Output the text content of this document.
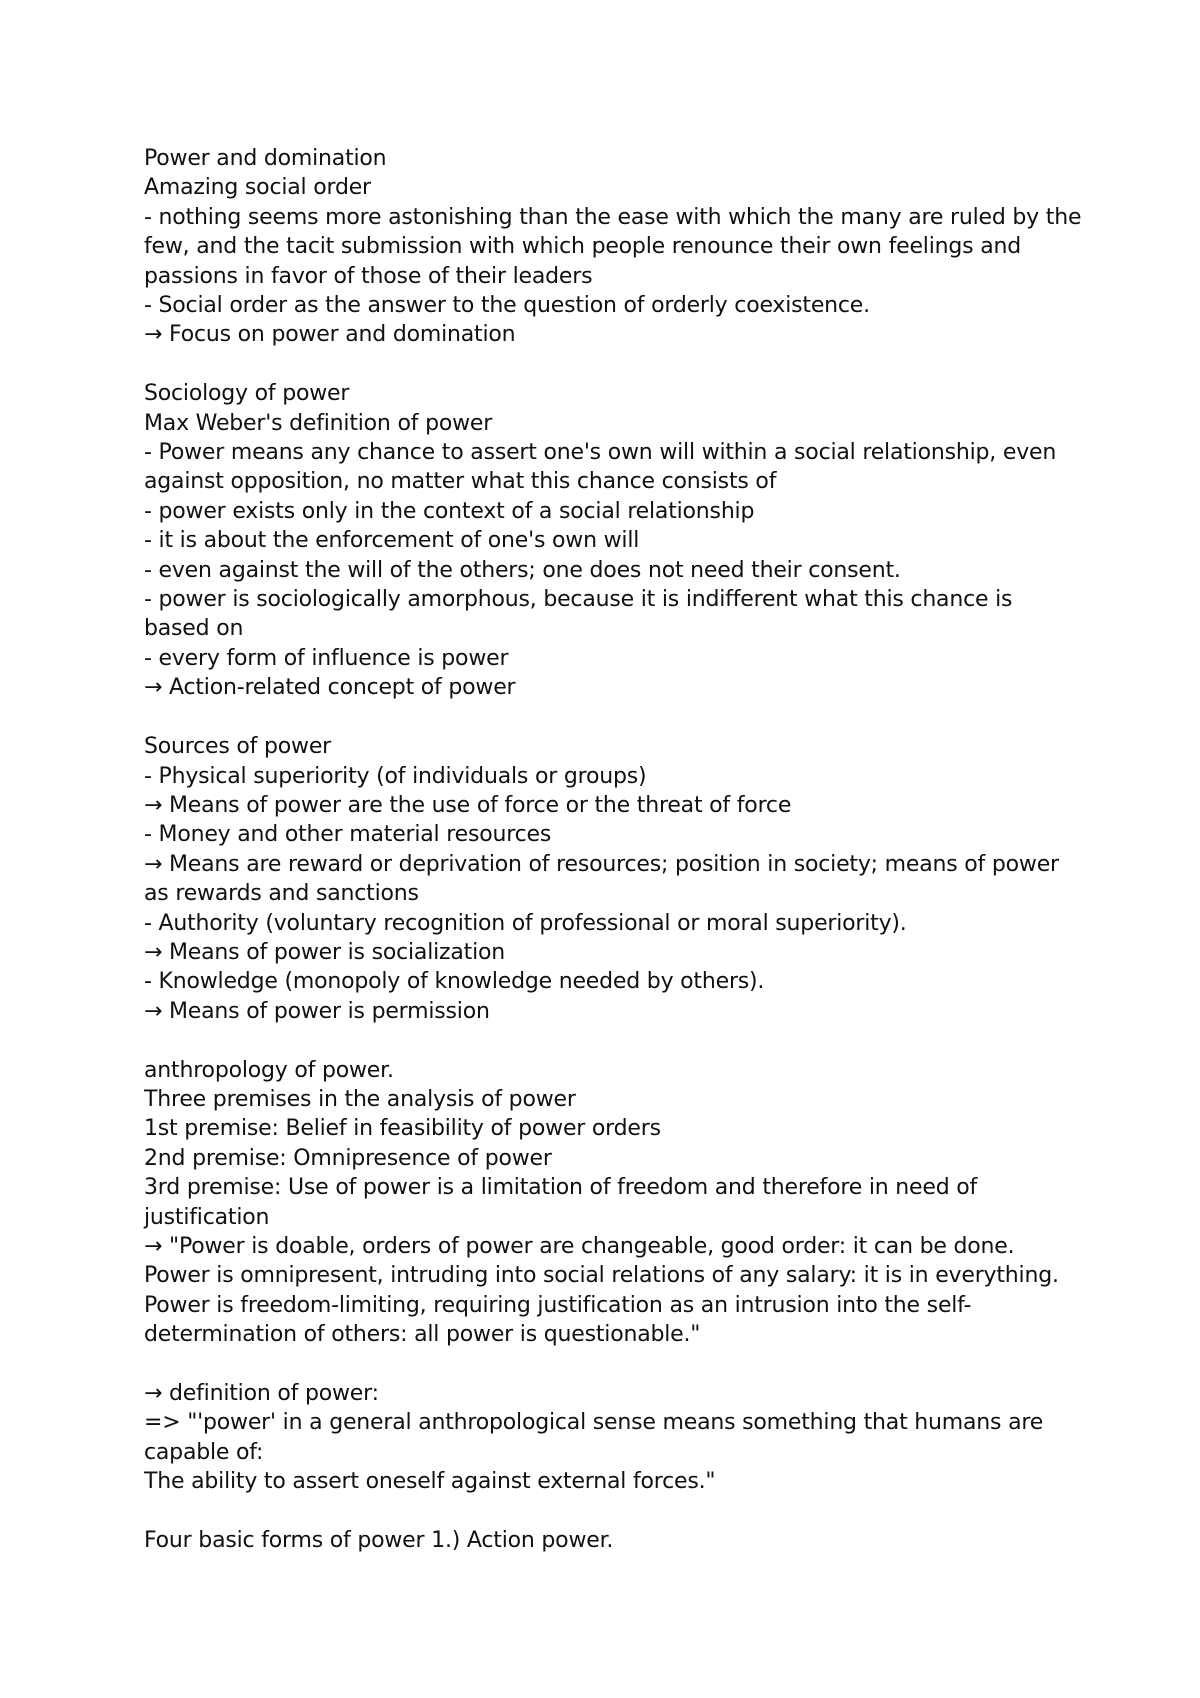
Power and domination

Amazing social order

- nothing seems more astonishing than the ease with which the many are ruled by the few, and the tacit submission with which people renounce their own feelings and passions in favor of those of their leaders

- Social order as the answer to the question of orderly coexistence.

→ Focus on power and domination

Sociology of power

Max Weber's definition of power

- Power means any chance to assert one's own will within a social relationship, even against opposition, no matter what this chance consists of

- power exists only in the context of a social relationship

- it is about the enforcement of one's own will

- even against the will of the others; one does not need their consent.

- power is sociologically amorphous, because it is indifferent what this chance is based on

- every form of influence is power

→ Action-related concept of power

Sources of power

- Physical superiority (of individuals or groups)

→ Means of power are the use of force or the threat of force

- Money and other material resources

→ Means are reward or deprivation of resources; position in society; means of power as rewards and sanctions

- Authority (voluntary recognition of professional or moral superiority).

→ Means of power is socialization

- Knowledge (monopoly of knowledge needed by others).

→ Means of power is permission

anthropology of power.

Three premises in the analysis of power

1st premise: Belief in feasibility of power orders

2nd premise: Omnipresence of power

3rd premise: Use of power is a limitation of freedom and therefore in need of justification

→ "Power is doable, orders of power are changeable, good order: it can be done. Power is omnipresent, intruding into social relations of any salary: it is in everything. Power is freedom-limiting, requiring justification as an intrusion into the self-determination of others: all power is questionable."

→ definition of power:

=> "'power' in a general anthropological sense means something that humans are capable of:

The ability to assert oneself against external forces."

Four basic forms of power 1.) Action power.
